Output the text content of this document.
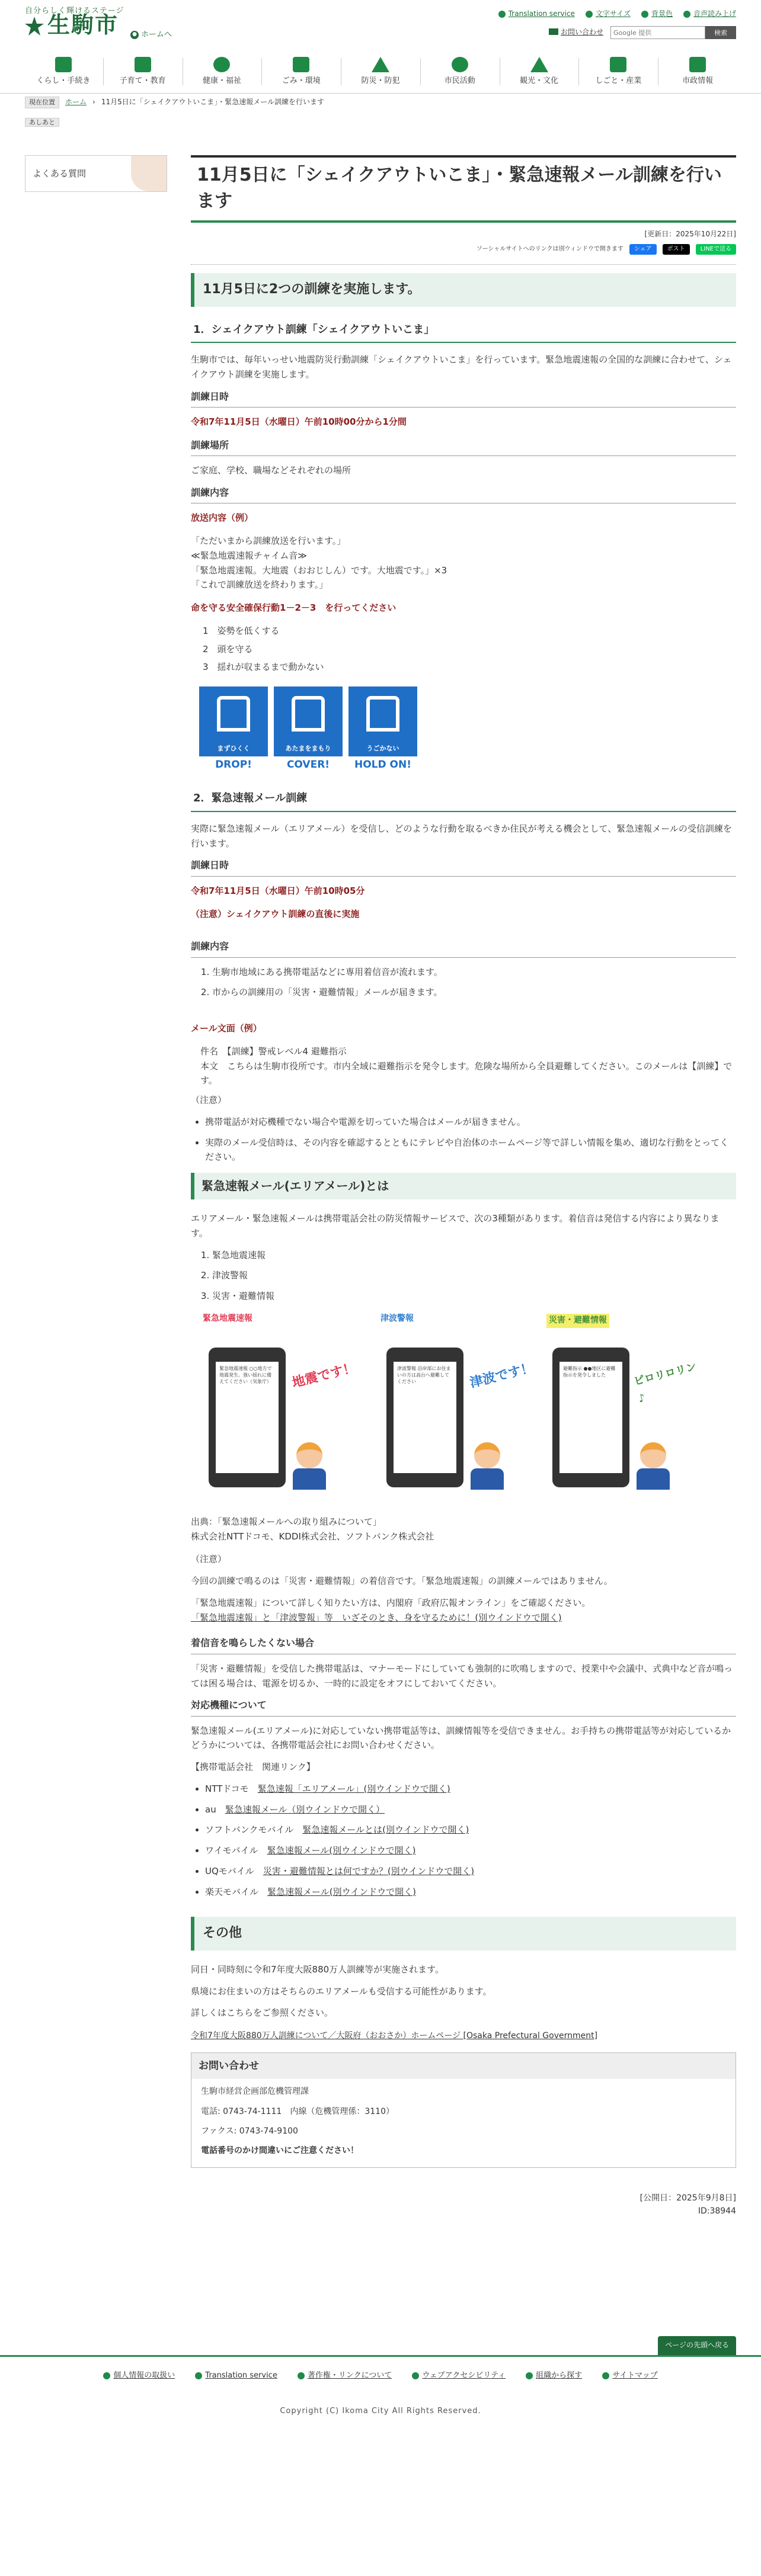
自分らしく輝けるステージ
生駒市	● ホームへ
Translation service	文字サイズ	背景色	音声読み上げ
お問い合わせ
Google 提供	検索
くらし・手続き	子育て・教育	健康・福祉	ごみ・環境	防災・防犯	市民活動	観光・文化	しごと・産業	市政情報
現在位置	ホーム › 11月5日に「シェイクアウトいこま」・緊急速報メール訓練を行います
あしあと
よくある質問	11月5日に「シェイクアウトいこま」・緊急速報メール訓練を行います
[更新日：2025年10月22日]
ソーシャルサイトへのリンクは別ウィンドウで開きます	シェア	ポスト	LINEで送る
11月5日に2つの訓練を実施します。
1．シェイクアウト訓練「シェイクアウトいこま」

生駒市では、毎年いっせい地震防災行動訓練「シェイクアウトいこま」を行っています。緊急地震速報の全国的な訓練に合わせて、シェイクアウト訓練を実施します。

訓練日時
令和7年11月5日（水曜日）午前10時00分から1分間
訓練場所

ご家庭、学校、職場などそれぞれの場所

訓練内容
放送内容（例）
「ただいまから訓練放送を行います。」
≪緊急地震速報チャイム音≫
「緊急地震速報。大地震（おおじしん）です。大地震です。」×3
「これで訓練放送を終わります。」
命を守る安全確保行動1－2－3　を行ってください
1　姿勢を低くする
2　頭を守る
3　揺れが収まるまで動かない
まずひくく
DROP!
あたまをまもり
COVER!
うごかない
HOLD ON!
2．緊急速報メール訓練

実際に緊急速報メール（エリアメール）を受信し、どのような行動を取るべきか住民が考える機会として、緊急速報メールの受信訓練を行います。

訓練日時
令和7年11月5日（水曜日）午前10時05分
（注意）シェイクアウト訓練の直後に実施
訓練内容
1. 生駒市地域にある携帯電話などに専用着信音が流れます。
2. 市からの訓練用の「災害・避難情報」メールが届きます。
メール文面（例）
件名　【訓練】警戒レベル4 避難指示
本文　こちらは生駒市役所です。市内全域に避難指示を発令します。危険な場所から全員避難してください。このメールは【訓練】です。

（注意）

• 携帯電話が対応機種でない場合や電源を切っていた場合はメールが届きません。
• 実際のメール受信時は、その内容を確認するとともにテレビや自治体のホームページ等で詳しい情報を集め、適切な行動をとってください。
緊急速報メール(エリアメール)とは

エリアメール・緊急速報メールは携帯電話会社の防災情報サービスで、次の3種類があります。着信音は発信する内容により異なります。

1. 緊急地震速報
2. 津波警報
3. 災害・避難情報
緊急地震速報
緊急地震速報 ○○地方で地震発生。強い揺れに備えてください（気象庁）	地震です！
津波警報
津波警報 沿岸部にお住まいの方は高台へ避難してください	津波です！
災害・避難情報
避難指示 ●●地区に避難指示を発令しました	ピロリロリン♪
出典：「緊急速報メールへの取り組みについて」
株式会社NTTドコモ、KDDI株式会社、ソフトバンク株式会社

（注意）

今回の訓練で鳴るのは「災害・避難情報」の着信音です。「緊急地震速報」の訓練メールではありません。

「緊急地震速報」について詳しく知りたい方は、内閣府「政府広報オンライン」をご確認ください。
「緊急地震速報」と「津波警報」等　いざそのとき、身を守るために！(別ウインドウで開く)
着信音を鳴らしたくない場合

「災害・避難情報」を受信した携帯電話は、マナーモードにしていても強制的に吹鳴しますので、授業中や会議中、式典中など音が鳴っては困る場合は、電源を切るか、一時的に設定をオフにしておいてください。

対応機種について

緊急速報メール(エリアメール)に対応していない携帯電話等は、訓練情報等を受信できません。お手持ちの携帯電話等が対応しているかどうかについては、各携帯電話会社にお問い合わせください。

【携帯電話会社　関連リンク】

• NTTドコモ　 緊急速報「エリアメール」(別ウインドウで開く)
• au　 緊急速報メール（別ウインドウで開く）
• ソフトバンクモバイル　 緊急速報メールとは(別ウインドウで開く)
• ワイモバイル　 緊急速報メール(別ウインドウで開く)
• UQモバイル　 災害・避難情報とは何ですか？(別ウインドウで開く)
• 楽天モバイル　 緊急速報メール(別ウインドウで開く)
その他

同日・同時刻に令和7年度大阪880万人訓練等が実施されます。

県境にお住まいの方はそちらのエリアメールも受信する可能性があります。

詳しくはこちらをご参照ください。

令和7年度大阪880万人訓練について／大阪府（おおさか）ホームページ [Osaka Prefectural Government]
お問い合わせ

生駒市経営企画部危機管理課

電話: 0743-74-1111　内線（危機管理係：3110）

ファクス: 0743-74-9100

電話番号のかけ間違いにご注意ください！

[公開日：2025年9月8日]
ID:38944
ページの先頭へ戻る
個人情報の取扱い	Translation service	著作権・リンクについて	ウェブアクセシビリティ	組織から探す	サイトマップ
Copyright (C) Ikoma City All Rights Reserved.
